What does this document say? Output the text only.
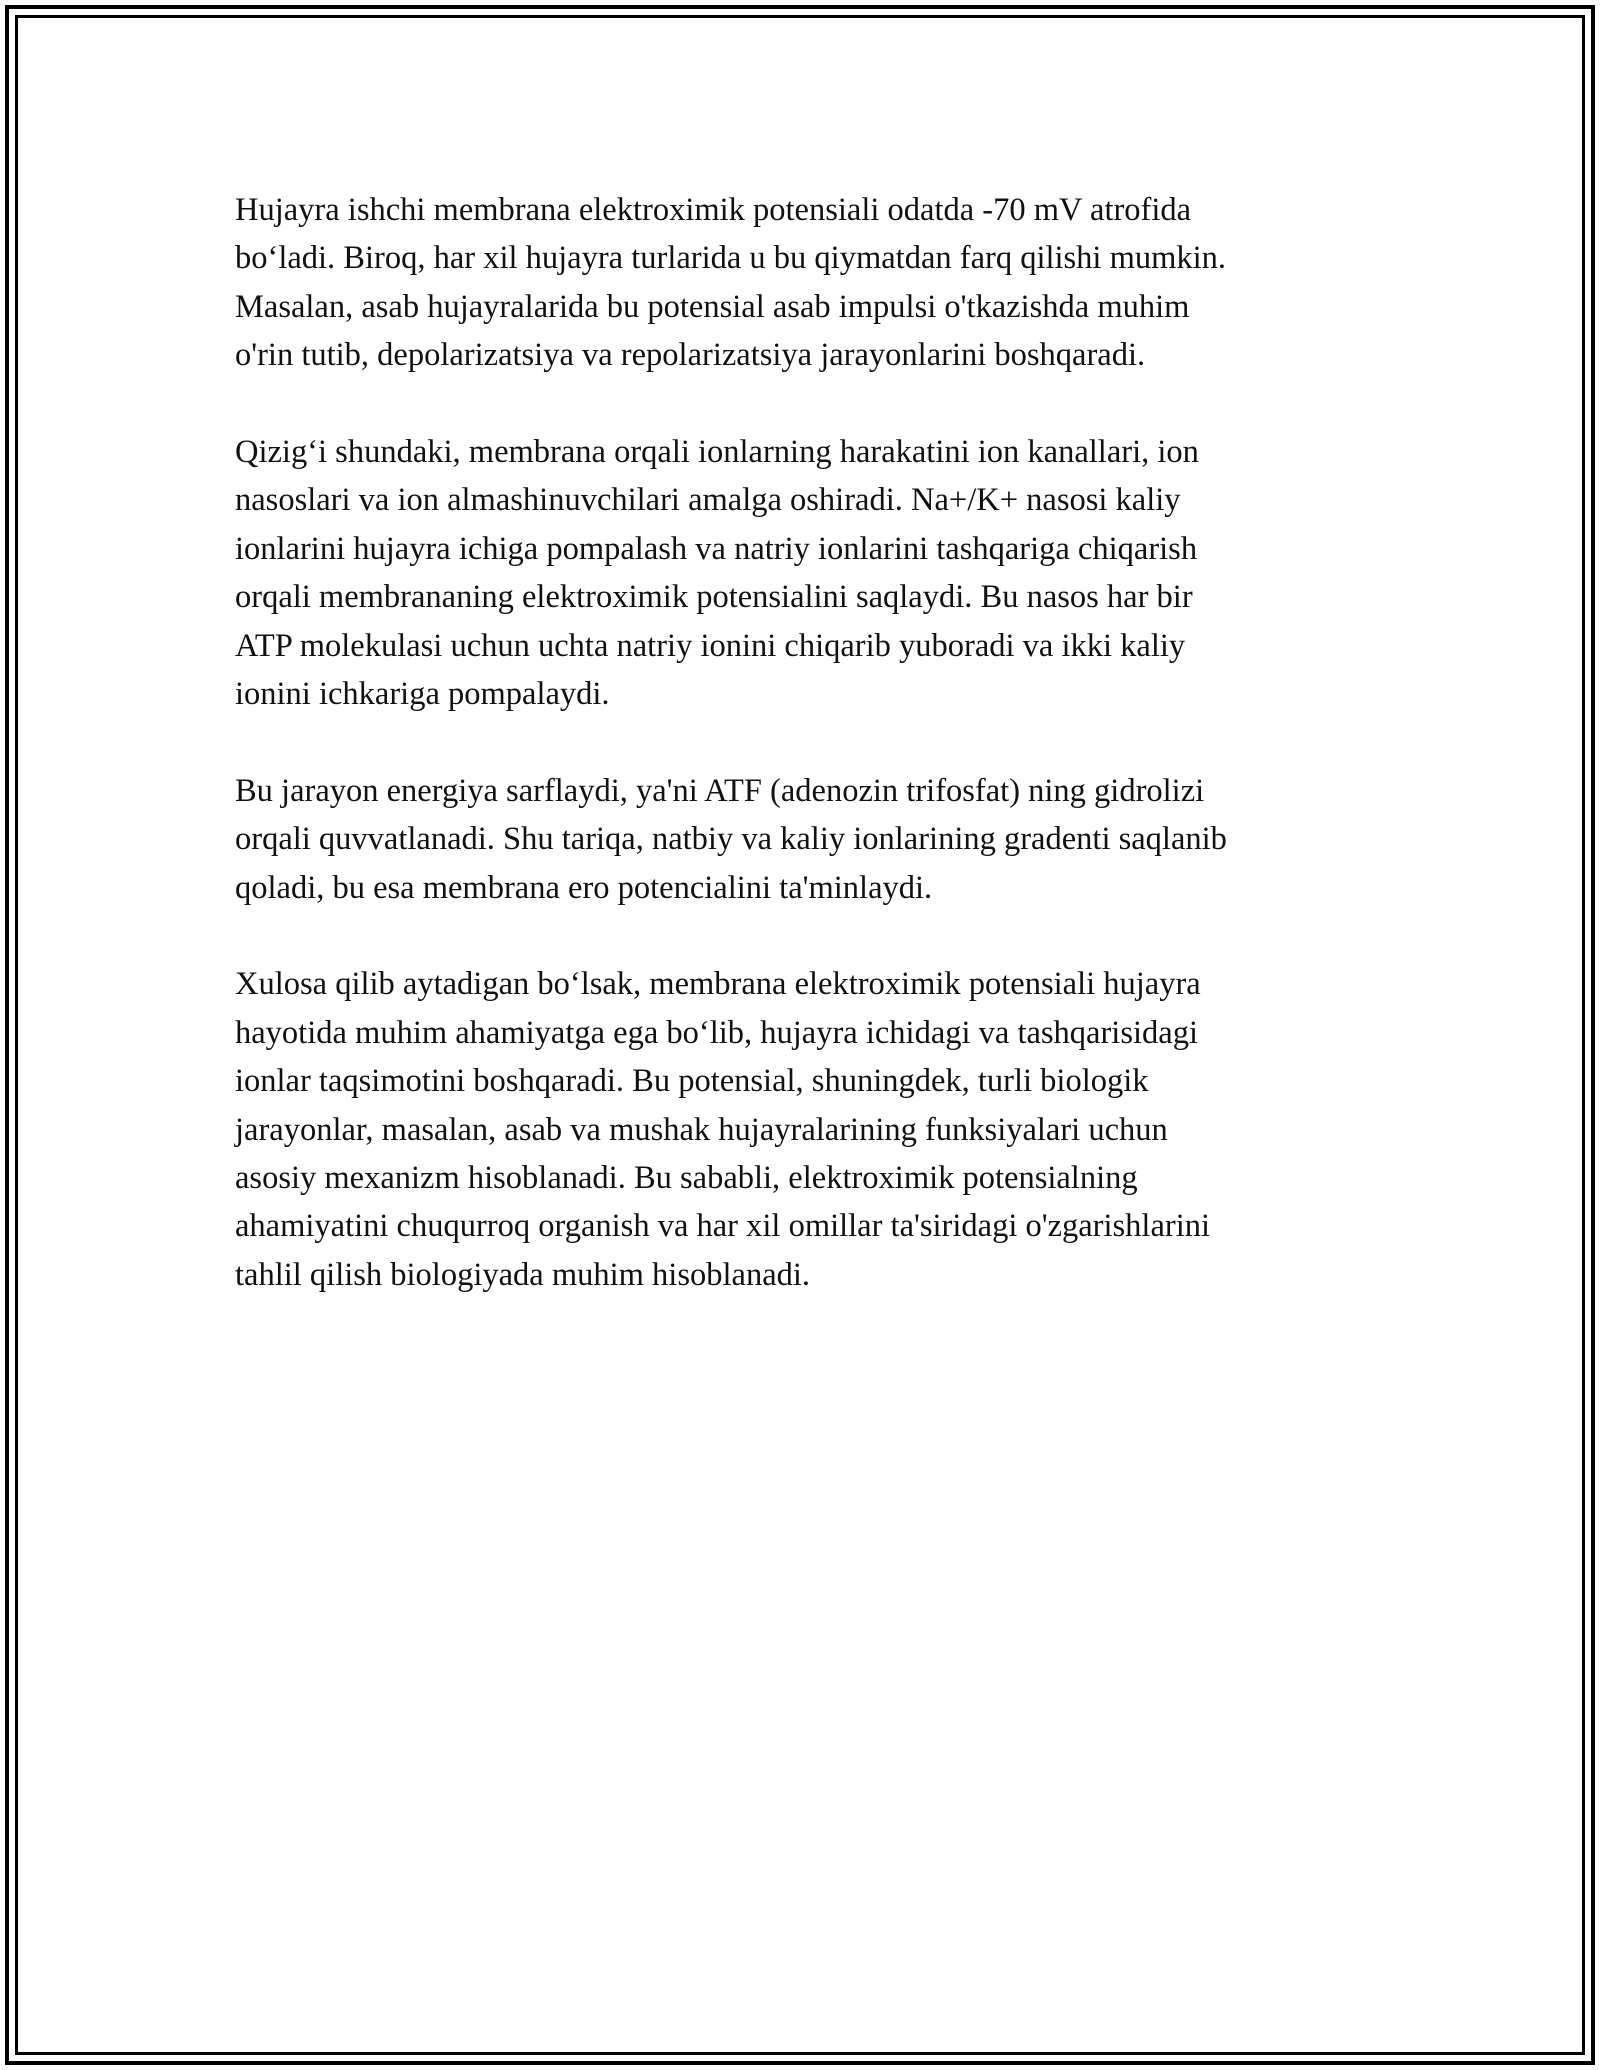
Hujayra ishchi membrana elektroximik potensiali odatda -70 mV atrofida
bo‘ladi. Biroq, har xil hujayra turlarida u bu qiymatdan farq qilishi mumkin.
Masalan, asab hujayralarida bu potensial asab impulsi o'tkazishda muhim
o'rin tutib, depolarizatsiya va repolarizatsiya jarayonlarini boshqaradi.

Qizig‘i shundaki, membrana orqali ionlarning harakatini ion kanallari, ion
nasoslari va ion almashinuvchilari amalga oshiradi. Na+/K+ nasosi kaliy
ionlarini hujayra ichiga pompalash va natriy ionlarini tashqariga chiqarish
orqali membrananing elektroximik potensialini saqlaydi. Bu nasos har bir
ATP molekulasi uchun uchta natriy ionini chiqarib yuboradi va ikki kaliy
ionini ichkariga pompalaydi.

Bu jarayon energiya sarflaydi, ya'ni ATF (adenozin trifosfat) ning gidrolizi
orqali quvvatlanadi. Shu tariqa, natbiy va kaliy ionlarining gradenti saqlanib
qoladi, bu esa membrana ero potencialini ta'minlaydi.

Xulosa qilib aytadigan bo‘lsak, membrana elektroximik potensiali hujayra
hayotida muhim ahamiyatga ega bo‘lib, hujayra ichidagi va tashqarisidagi
ionlar taqsimotini boshqaradi. Bu potensial, shuningdek, turli biologik
jarayonlar, masalan, asab va mushak hujayralarining funksiyalari uchun
asosiy mexanizm hisoblanadi. Bu sababli, elektroximik potensialning
ahamiyatini chuqurroq organish va har xil omillar ta'siridagi o'zgarishlarini
tahlil qilish biologiyada muhim hisoblanadi.
